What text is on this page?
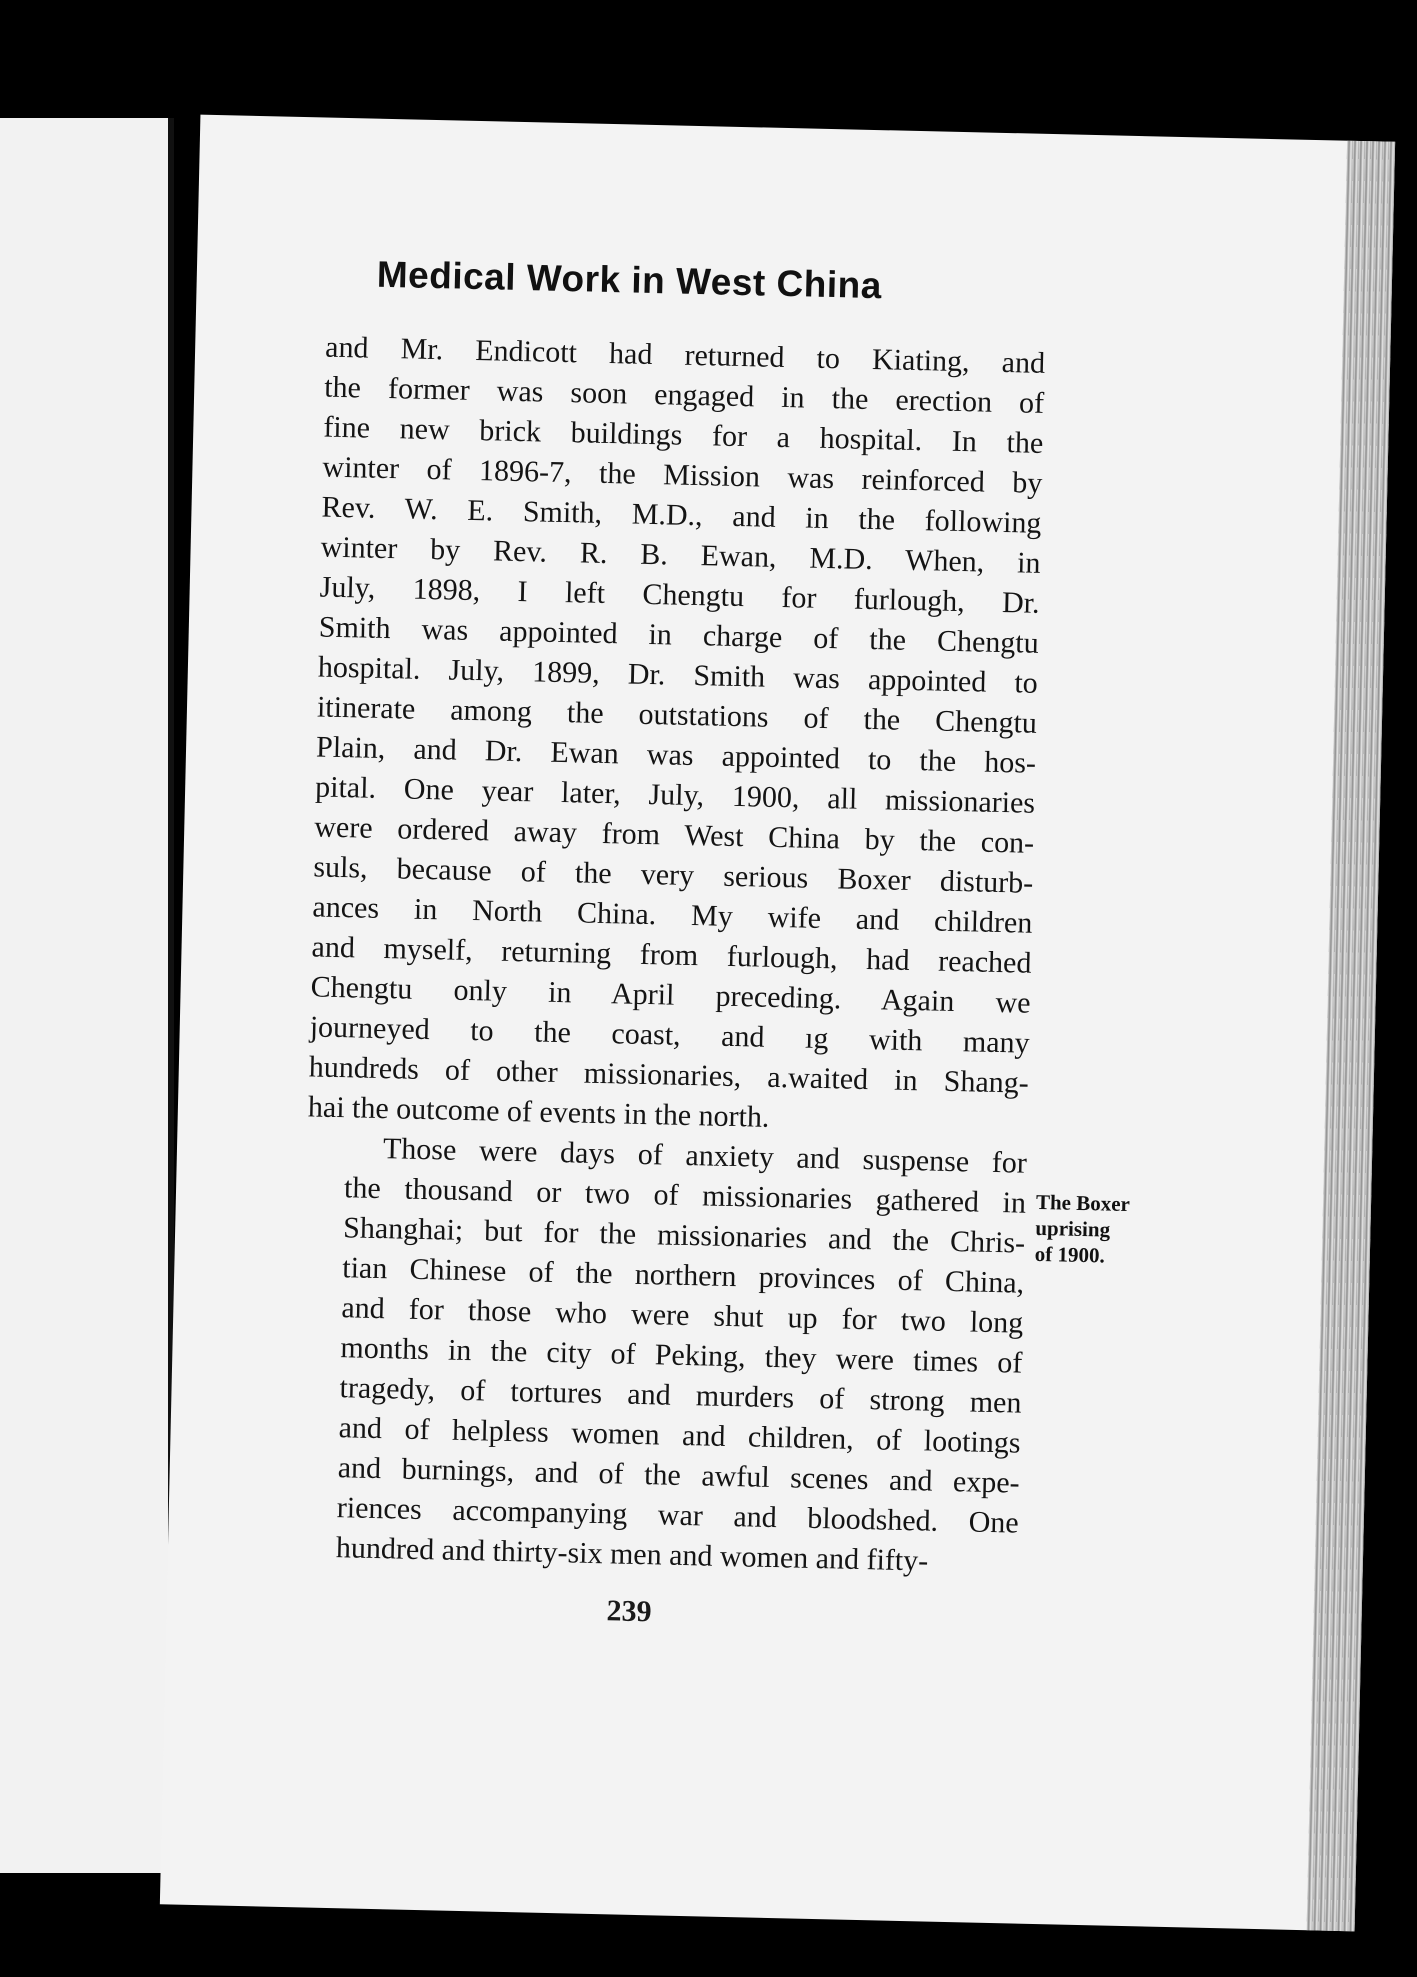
Medical Work in West China

and Mr. Endicott had returned to Kiating, and
the former was soon engaged in the erection of
fine new brick buildings for a hospital. In the
winter of 1896-7, the Mission was reinforced by
Rev. W. E. Smith, M.D., and in the following
winter by Rev. R. B. Ewan, M.D. When, in
July, 1898, I left Chengtu for furlough, Dr.
Smith was appointed in charge of the Chengtu
hospital. July, 1899, Dr. Smith was appointed to
itinerate among the outstations of the Chengtu
Plain, and Dr. Ewan was appointed to the hos-
pital. One year later, July, 1900, all missionaries
were ordered away from West China by the con-
suls, because of the very serious Boxer disturb-
ances in North China. My wife and children
and myself, returning from furlough, had reached
Chengtu only in April preceding. Again we
journeyed to the coast, and ıg with many
hundreds of other missionaries, a.waited in Shang-
hai the outcome of events in the north.

Those were days of anxiety and suspense for
the thousand or two of missionaries gathered in
Shanghai; but for the missionaries and the Chris-
tian Chinese of the northern provinces of China,
and for those who were shut up for two long
months in the city of Peking, they were times of
tragedy, of tortures and murders of strong men
and of helpless women and children, of lootings
and burnings, and of the awful scenes and expe-
riences accompanying war and bloodshed. One
hundred and thirty-six men and women and fifty-

The Boxer
uprising
of 1900.
239
